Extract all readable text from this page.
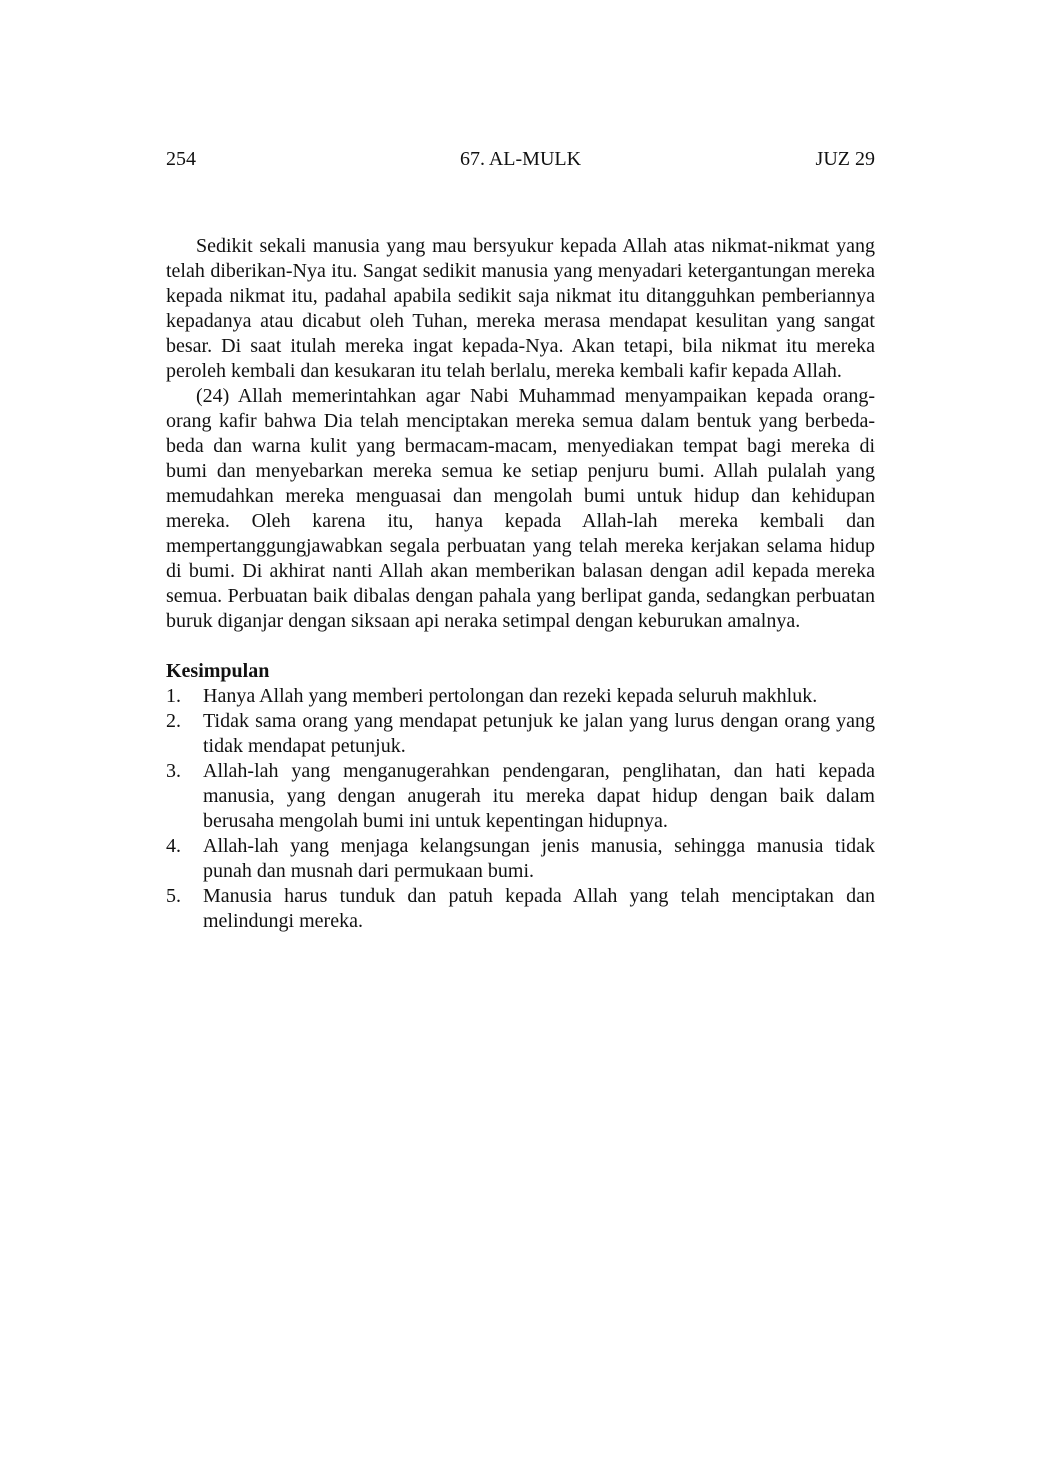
254	67. AL-MULK	JUZ 29

Sedikit sekali manusia yang mau bersyukur kepada Allah atas nikmat-nikmat yang telah diberikan-Nya itu. Sangat sedikit manusia yang menyadari ketergantungan mereka kepada nikmat itu, padahal apabila sedikit saja nikmat itu ditangguhkan pemberiannya kepadanya atau dicabut oleh Tuhan, mereka merasa mendapat kesulitan yang sangat besar. Di saat itulah mereka ingat kepada-Nya. Akan tetapi, bila nikmat itu mereka peroleh kembali dan kesukaran itu telah berlalu, mereka kembali kafir kepada Allah.

(24) Allah memerintahkan agar Nabi Muhammad menyampaikan kepada orang-orang kafir bahwa Dia telah menciptakan mereka semua dalam bentuk yang berbeda-beda dan warna kulit yang bermacam-macam, menyediakan tempat bagi mereka di bumi dan menyebarkan mereka semua ke setiap penjuru bumi. Allah pulalah yang memudahkan mereka menguasai dan mengolah bumi untuk hidup dan kehidupan mereka. Oleh karena itu, hanya kepada Allah-lah mereka kembali dan mempertanggungjawabkan segala perbuatan yang telah mereka kerjakan selama hidup di bumi. Di akhirat nanti Allah akan memberikan balasan dengan adil kepada mereka semua. Perbuatan baik dibalas dengan pahala yang berlipat ganda, sedangkan perbuatan buruk diganjar dengan siksaan api neraka setimpal dengan keburukan amalnya.

Kesimpulan
1. Hanya Allah yang memberi pertolongan dan rezeki kepada seluruh makhluk.
2. Tidak sama orang yang mendapat petunjuk ke jalan yang lurus dengan orang yang tidak mendapat petunjuk.
3. Allah-lah yang menganugerahkan pendengaran, penglihatan, dan hati kepada manusia, yang dengan anugerah itu mereka dapat hidup dengan baik dalam berusaha mengolah bumi ini untuk kepentingan hidupnya.
4. Allah-lah yang menjaga kelangsungan jenis manusia, sehingga manusia tidak punah dan musnah dari permukaan bumi.
5. Manusia harus tunduk dan patuh kepada Allah yang telah menciptakan dan melindungi mereka.
